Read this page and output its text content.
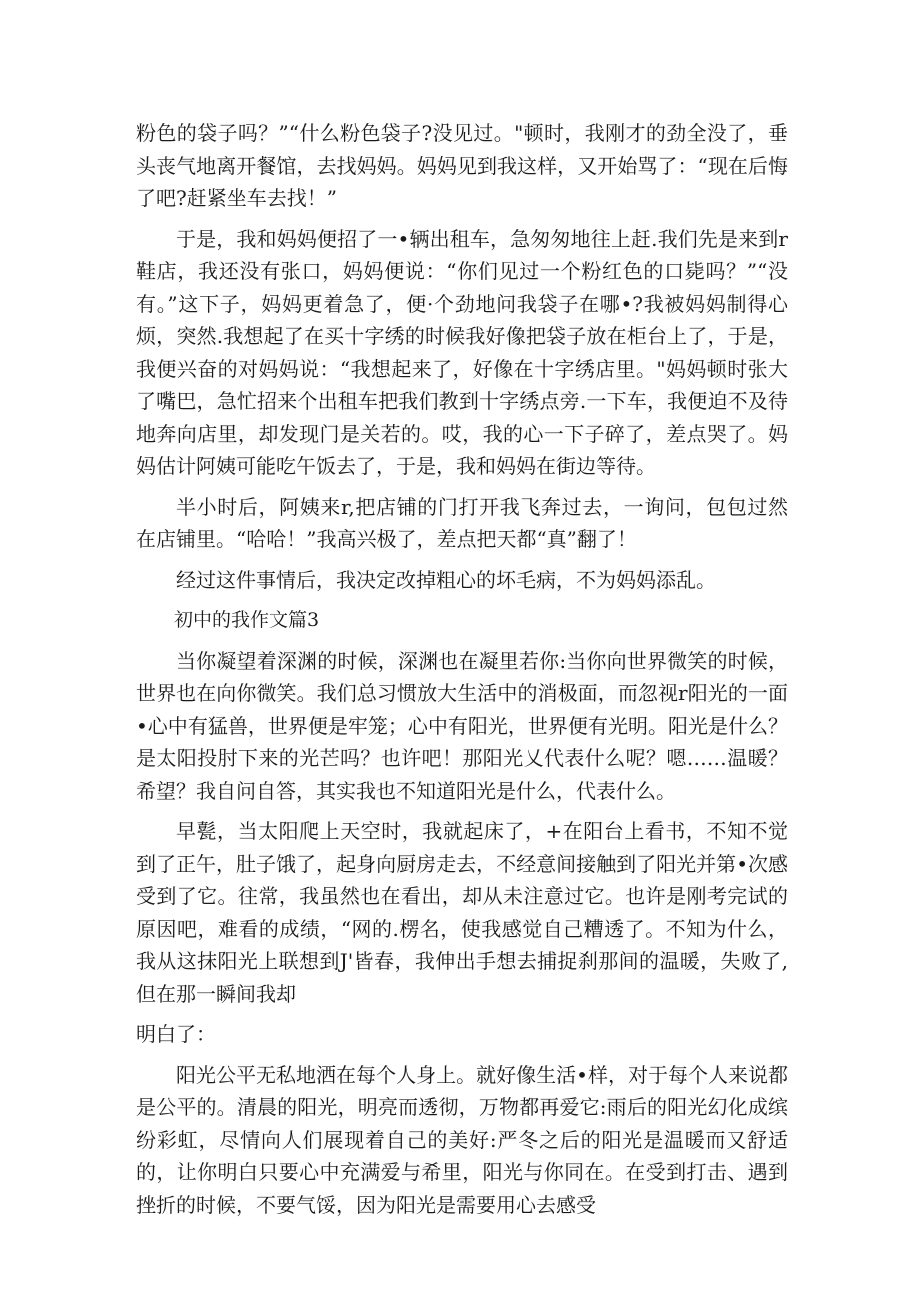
粉色的袋子吗？”“什么粉色袋子?没见过。"顿时，我刚才的劲全没了，垂头丧气地离开餐馆，去找妈妈。妈妈见到我这样，又开始骂了：“现在后悔了吧?赶紧坐车去找！”

于是，我和妈妈便招了一•辆出租车，急匆匆地往上赶.我们先是来到r鞋店，我还没有张口，妈妈便说：“你们见过一个粉红色的口毙吗？”“没有。”这下子，妈妈更着急了，便·个劲地问我袋子在哪•?我被妈妈制得心烦，突然.我想起了在买十字绣的时候我好像把袋子放在柜台上了，于是，我便兴奋的对妈妈说：“我想起来了，好像在十字绣店里。"妈妈顿时张大了嘴巴，急忙招来个出租车把我们教到十字绣点旁.一下车，我便迫不及待地奔向店里，却发现门是关若的。哎，我的心一下子碎了，差点哭了。妈妈估计阿姨可能吃午饭去了，于是，我和妈妈在街边等待。

半小时后，阿姨来r,把店铺的门打开我飞奔过去，一询问，包包过然在店铺里。“哈哈！”我高兴极了，差点把天都“真”翻了！

经过这件事情后，我决定改掉粗心的坏毛病，不为妈妈添乱。

初中的我作文篇3

当你凝望着深渊的时候，深渊也在凝里若你:当你向世界微笑的时候，世界也在向你微笑。我们总习惯放大生活中的消极面，而忽视r阳光的一面•心中有猛兽，世界便是牢笼；心中有阳光，世界便有光明。阳光是什么？是太阳投肘下来的光芒吗？也许吧！那阳光乂代表什么呢？嗯……温暖？希望？我自问自答，其实我也不知道阳光是什么，代表什么。

早甏，当太阳爬上天空时，我就起床了，+在阳台上看书，不知不觉到了正午，肚子饿了，起身向厨房走去，不经意间接触到了阳光并第•次感受到了它。往常，我虽然也在看出，却从未注意过它。也许是刚考完试的原因吧，难看的成绩，“网的.楞名，使我感觉自己糟透了。不知为什么，我从这抹阳光上联想到J'皆春，我伸出手想去捕捉刹那间的温暖，失败了,但在那一瞬间我却

明白了：

阳光公平无私地洒在每个人身上。就好像生活•样，对于每个人来说都是公平的。清晨的阳光，明亮而透彻，万物都再爱它:雨后的阳光幻化成缤纷彩虹，尽情向人们展现着自己的美好:严冬之后的阳光是温暖而又舒适的，让你明白只要心中充满爱与希里，阳光与你同在。在受到打击、遇到挫折的时候，不要气馁，因为阳光是需要用心去感受
